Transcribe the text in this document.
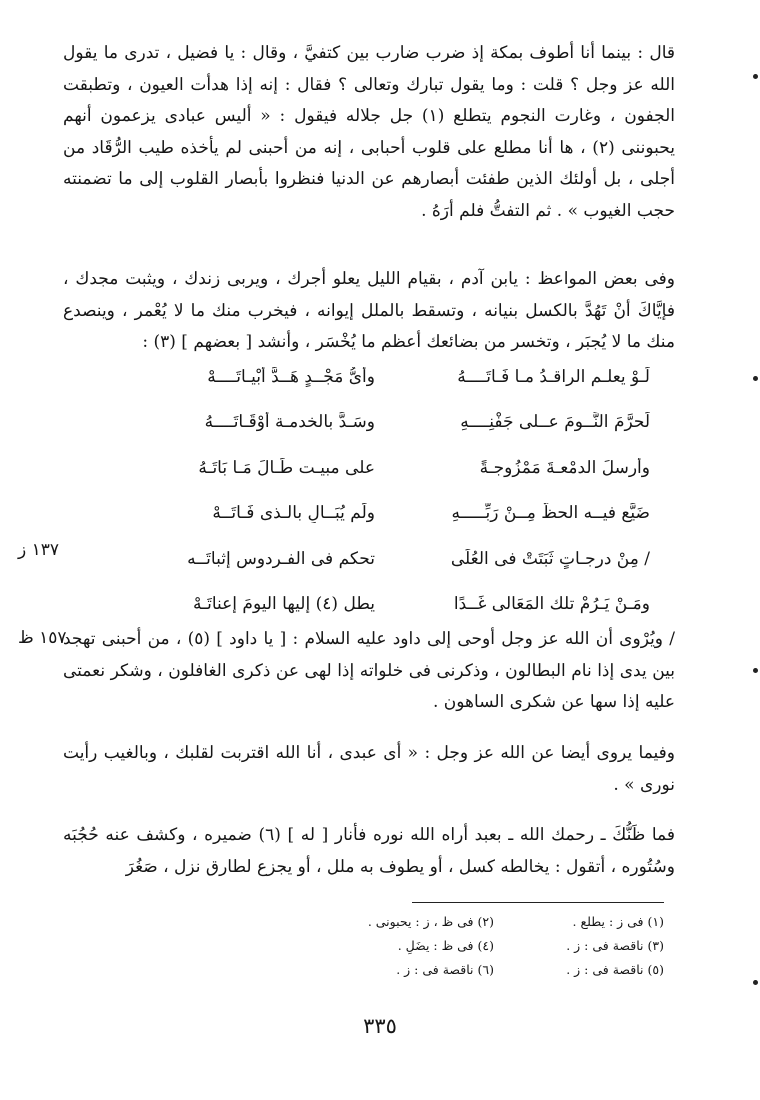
قال : بينما أنا أطوف بمكة إذ ضرب ضارب بين كتفيَّ ، وقال : يا فضيل ، تدرى ما يقول الله عز وجل ؟ قلت : وما يقول تبارك وتعالى ؟ فقال : إنه إذا هدأت العيون ، وتطبقت الجفون ، وغارت النجوم يتطلع (١) جل جلاله فيقول : « أليس عبادى يزعمون أنهم يحبوننى (٢) ، ها أنا مطلع على قلوب أحبابى ، إنه من أحبنى لم يأخذه طيب الرُّقَاد من أجلى ، بل أولئك الذين طفئت أبصارهم عن الدنيا فنظروا بأبصار القلوب إلى ما تضمنته حجب الغيوب » . ثم التفتُّ فلم أرَهُ .

وفى بعض المواعظ : يابن آدم ، بقيام الليل يعلو أجرك ، ويربى زندك ، ويثبت مجدك ، فإيَّاكَ أنْ تَهُدَّ بالكسل بنيانه ، وتسقط بالملل إيوانه ، فيخرب منك ما لا يُعْمر ، وينصدع منك ما لا يُجبَر ، وتخسر من بضائعك أعظم ما يُخْسَر ، وأنشد [ بعضهم ] (٣) :

لَـوْ يعلـم الراقـدُ مـا فَـاتَــــهُ
وأىُّ مَجْــدٍ هَــدَّ أبْيـاتَــــهْ
لَحرَّمَ النَّــومَ عــلى جَفْنِــــهِ
وسَـدَّ بالخدمـة أوْقَـاتَــــهُ
وأرسلَ الدمْعـةَ مَمْزُوجـةً
على مبيـت طَـالَ مَـا بَاتَـهُ
ضَيَّع فيــه الحظَّ مِــنْ رَبِّـــــهِ
ولَم يُبَــالِ بالـذى فَـاتَــهْ
/ مِنْ درجـاتٍ ثَبَتَتْ فى العُلَى
تحكم فى الفـردوسِ إثباتَــه
ومَـنْ يَـرُمْ تلك المَعَالى غَــدًا
يطل (٤) إليها اليومَ إعناتَـهْ
١٣٧ ز
١٥٧ ظ

/ ويُرْوى أن الله عز وجل أوحى إلى داود عليه السلام : [ يا داود ] (٥) ، من أحبنى تهجد بين يدى إذا نام البطالون ، وذكرنى فى خلواته إذا لهى عن ذكرى الغافلون ، وشكر نعمتى عليه إذا سها عن شكرى الساهون .

وفيما يروى أيضا عن الله عز وجل : « أى عبدى ، أنا الله اقتربت لقلبك ، وبالغيب رأيت نورى » .

فما ظَنُّكَ ـ رحمك الله ـ بعبد أراه الله نوره فأنار [ له ] (٦) ضميره ، وكشف عنه حُجُبَه وسُتُوره ، أتقول : يخالطه كسل ، أو يطوف به ملل ، أو يجزع لطارق نزل ، صَغُرَ

(١) فى ز : يطلع .
(٢) فى ظ ، ز : يحبونى .
(٣) ناقصة فى : ز .
(٤) فى ظ : يضَلِ .
(٥) ناقصة فى : ز .
(٦) ناقصة فى : ز .
٣٣٥
